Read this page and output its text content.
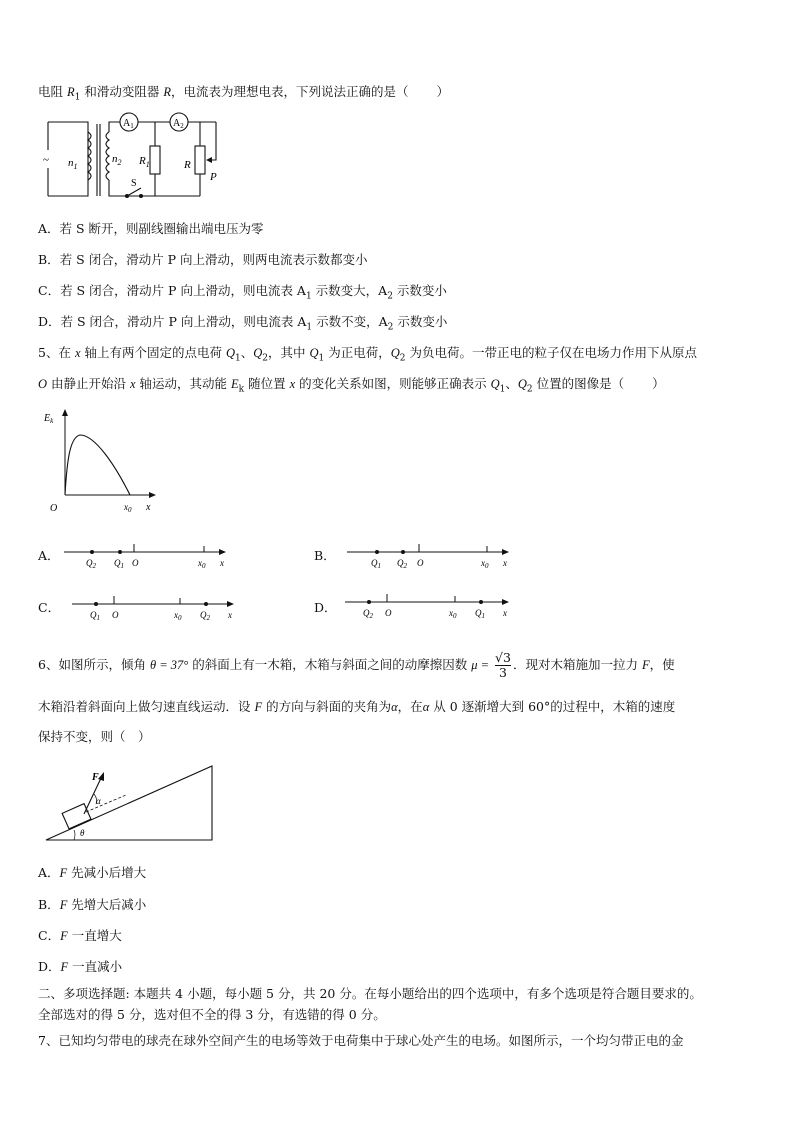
电阻 $R_1$ 和滑动变阻器 R，电流表为理想电表，下列说法正确的是（ ）
~ $n_1$
$n_2$
$A_1$	$A_2$
$R_1$	R
P
S
A．若 S 断开，则副线圈输出端电压为零
B．若 S 闭合，滑动片 P 向上滑动，则两电流表示数都变小
C．若 S 闭合，滑动片 P 向上滑动，则电流表 $A_1$ 示数变大，$A_2$ 示数变小
D．若 S 闭合，滑动片 P 向上滑动，则电流表 $A_1$ 示数不变，$A_2$ 示数变小
5、在 x 轴上有两个固定的点电荷 $Q_1$、$Q_2$，其中 $Q_1$ 为正电荷，$Q_2$ 为负电荷。一带正电的粒子仅在电场力作用下从原点
O 由静止开始沿 x 轴运动，其动能 $E_k$ 随位置 x 的变化关系如图，则能够正确表示 $Q_1$、$Q_2$ 位置的图像是（ ）
$E_k$
O	$x_0$ x
A．	$Q_2$ $Q_1$ O	$x_0$ x	B．	$Q_1$ $Q_2$ O	$x_0$ x
C．	$Q_1$ O	$x_0$ $Q_2$ x	D．	$Q_2$ O	$x_0$ $Q_1$ x
6、如图所示，倾角 θ = 37° 的斜面上有一木箱，木箱与斜面之间的动摩擦因数 $\mu = \frac{√3}{3}$ ．现对木箱施加一拉力 F，使
木箱沿着斜面向上做匀速直线运动．设 F 的方向与斜面的夹角为α，在α 从 0 逐渐增大到 60°的过程中，木箱的速度
保持不变，则（　）
F
α
θ
A．F 先减小后增大
B．F 先增大后减小
C．F 一直增大
D．F 一直减小
二、多项选择题: 本题共 4 小题，每小题 5 分，共 20 分。在每小题给出的四个选项中，有多个选项是符合题目要求的。
全部选对的得 5 分，选对但不全的得 3 分，有选错的得 0 分。
7、已知均匀带电的球壳在球外空间产生的电场等效于电荷集中于球心处产生的电场。如图所示，一个均匀带正电的金
